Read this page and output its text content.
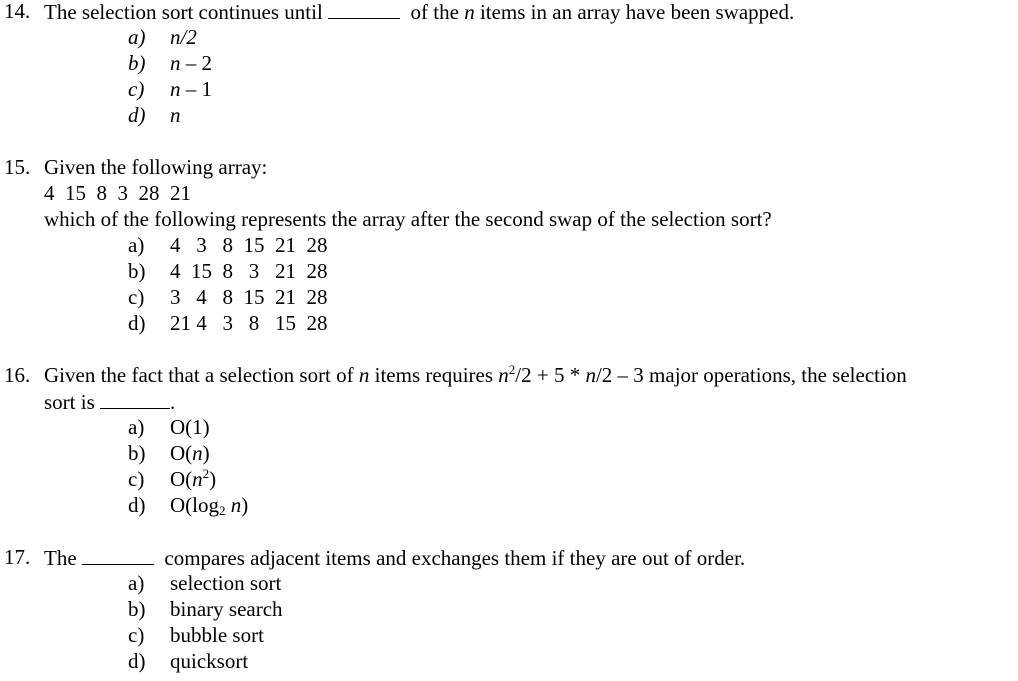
14. The selection sort continues until	of the n items in an array have been swapped.
a) n/2
b) n – 2
c) n – 1
d) n
15. Given the following array:
4  15  8  3  28  21
which of the following represents the array after the second swap of the selection sort?
a) 4   3   8  15  21  28
b) 4  15  8   3   21  28
c) 3   4   8  15  21  28
d) 21 4   3   8   15  28
16. Given the fact that a selection sort of n items requires $n^2/2 + 5 * n/2 - 3$ major operations, the selection
sort is	.
a) O(1)
b) O(n)
c) $O(n^2)$
d) $O(\log_2$ n)
17. The	compares adjacent items and exchanges them if they are out of order.
a) selection sort
b) binary search
c) bubble sort
d) quicksort
